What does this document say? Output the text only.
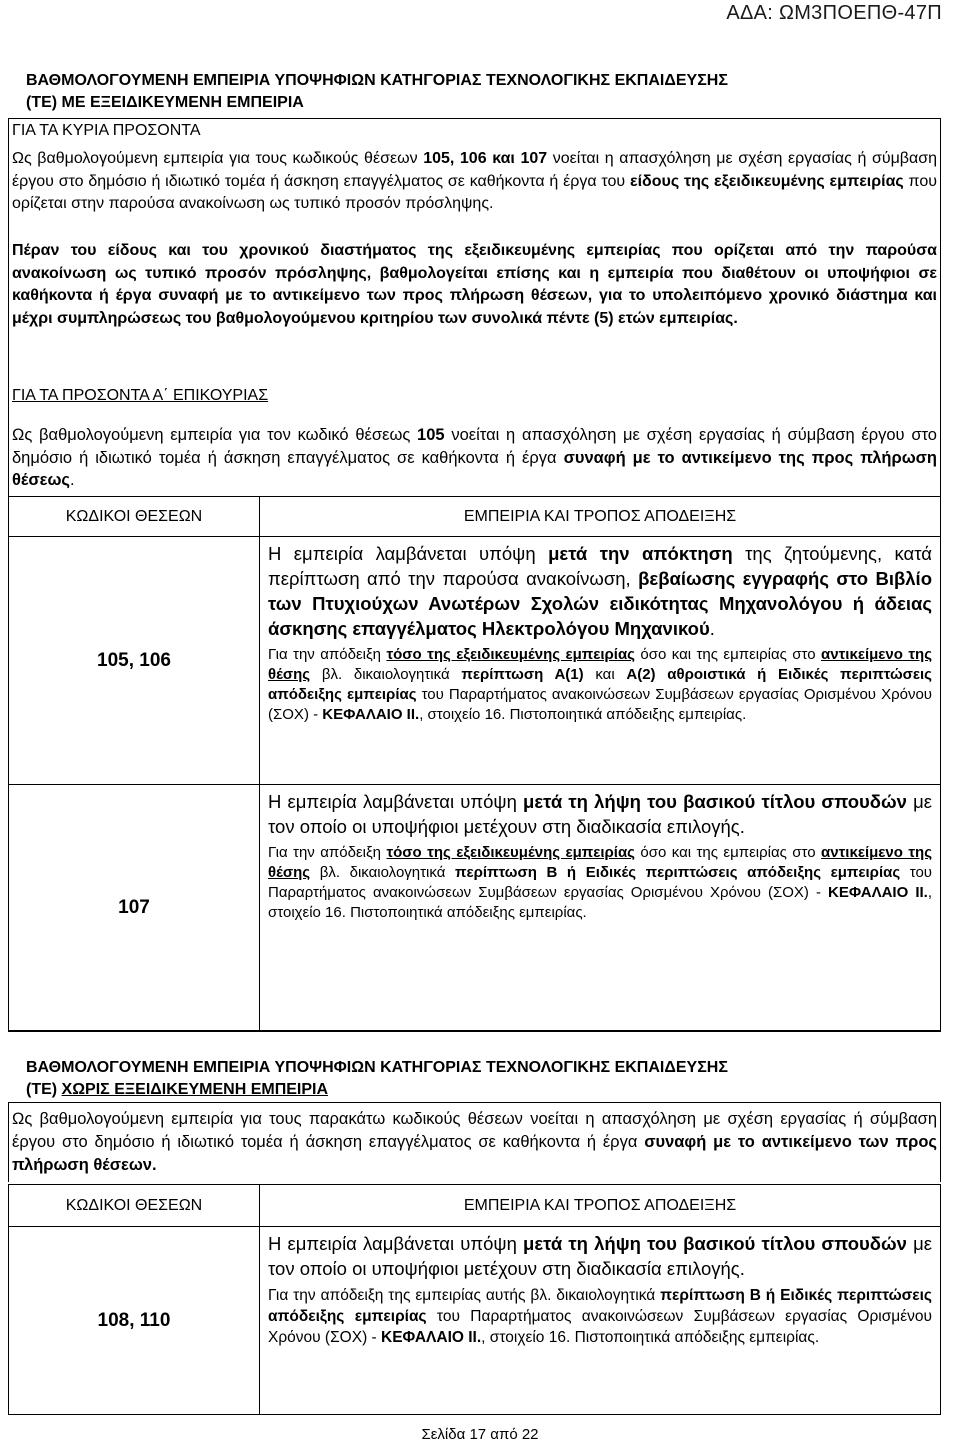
ΑΔΑ: ΩΜ3ΠΟΕΠΘ-47Π
ΒΑΘΜΟΛΟΓΟΥΜΕΝΗ ΕΜΠΕΙΡΙΑ ΥΠΟΨΗΦΙΩΝ ΚΑΤΗΓΟΡΙΑΣ ΤΕΧΝΟΛΟΓΙΚΗΣ ΕΚΠΑΙΔΕΥΣΗΣ
(ΤΕ) ΜΕ ΕΞΕΙΔΙΚΕΥΜΕΝΗ ΕΜΠΕΙΡΙΑ
ΓΙΑ ΤΑ ΚΥΡΙΑ ΠΡΟΣΟΝΤΑ
Ως βαθμολογούμενη εμπειρία για τους κωδικούς θέσεων 105, 106 και 107 νοείται η απασχόληση με σχέση εργασίας ή σύμβαση έργου στο δημόσιο ή ιδιωτικό τομέα ή άσκηση επαγγέλματος σε καθήκοντα ή έργα του είδους της εξειδικευμένης εμπειρίας που ορίζεται στην παρούσα ανακοίνωση ως τυπικό προσόν πρόσληψης.
Πέραν του είδους και του χρονικού διαστήματος της εξειδικευμένης εμπειρίας που ορίζεται από την παρούσα ανακοίνωση ως τυπικό προσόν πρόσληψης, βαθμολογείται επίσης και η εμπειρία που διαθέτουν οι υποψήφιοι σε καθήκοντα ή έργα συναφή με το αντικείμενο των προς πλήρωση θέσεων, για το υπολειπόμενο χρονικό διάστημα και μέχρι συμπληρώσεως του βαθμολογούμενου κριτηρίου των συνολικά πέντε (5) ετών εμπειρίας.
ΓΙΑ ΤΑ ΠΡΟΣΟΝΤΑ Α΄ ΕΠΙΚΟΥΡΙΑΣ
Ως βαθμολογούμενη εμπειρία για τον κωδικό θέσεως 105 νοείται η απασχόληση με σχέση εργασίας ή σύμβαση έργου στο δημόσιο ή ιδιωτικό τομέα ή άσκηση επαγγέλματος σε καθήκοντα ή έργα συναφή με το αντικείμενο της προς πλήρωση θέσεως.
ΚΩΔΙΚΟΙ ΘΕΣΕΩΝ	ΕΜΠΕΙΡΙΑ ΚΑΙ ΤΡΟΠΟΣ ΑΠΟΔΕΙΞΗΣ
105, 106	Η εμπειρία λαμβάνεται υπόψη μετά την απόκτηση της ζητούμενης, κατά περίπτωση από την παρούσα ανακοίνωση, βεβαίωσης εγγραφής στο Βιβλίο των Πτυχιούχων Ανωτέρων Σχολών ειδικότητας Μηχανολόγου ή άδειας άσκησης επαγγέλματος Ηλεκτρολόγου Μηχανικού.
Για την απόδειξη τόσο της εξειδικευμένης εμπειρίας όσο και της εμπειρίας στο αντικείμενο της θέσης βλ. δικαιολογητικά περίπτωση Α(1) και Α(2) αθροιστικά ή Ειδικές περιπτώσεις απόδειξης εμπειρίας του Παραρτήματος ανακοινώσεων Συμβάσεων εργασίας Ορισμένου Χρόνου (ΣΟΧ) - ΚΕΦΑΛΑΙΟ ΙΙ., στοιχείο 16. Πιστοποιητικά απόδειξης εμπειρίας.

107	Η εμπειρία λαμβάνεται υπόψη μετά τη λήψη του βασικού τίτλου σπουδών με τον οποίο οι υποψήφιοι μετέχουν στη διαδικασία επιλογής.
Για την απόδειξη τόσο της εξειδικευμένης εμπειρίας όσο και της εμπειρίας στο αντικείμενο της θέσης βλ. δικαιολογητικά περίπτωση Β ή Ειδικές περιπτώσεις απόδειξης εμπειρίας του Παραρτήματος ανακοινώσεων Συμβάσεων εργασίας Ορισμένου Χρόνου (ΣΟΧ) - ΚΕΦΑΛΑΙΟ ΙΙ., στοιχείο 16. Πιστοποιητικά απόδειξης εμπειρίας.
ΒΑΘΜΟΛΟΓΟΥΜΕΝΗ ΕΜΠΕΙΡΙΑ ΥΠΟΨΗΦΙΩΝ ΚΑΤΗΓΟΡΙΑΣ ΤΕΧΝΟΛΟΓΙΚΗΣ ΕΚΠΑΙΔΕΥΣΗΣ
(ΤΕ) ΧΩΡΙΣ ΕΞΕΙΔΙΚΕΥΜΕΝΗ ΕΜΠΕΙΡΙΑ
Ως βαθμολογούμενη εμπειρία για τους παρακάτω κωδικούς θέσεων νοείται η απασχόληση με σχέση εργασίας ή σύμβαση έργου στο δημόσιο ή ιδιωτικό τομέα ή άσκηση επαγγέλματος σε καθήκοντα ή έργα συναφή με το αντικείμενο των προς πλήρωση θέσεων.
ΚΩΔΙΚΟΙ ΘΕΣΕΩΝ	ΕΜΠΕΙΡΙΑ ΚΑΙ ΤΡΟΠΟΣ ΑΠΟΔΕΙΞΗΣ
108, 110	Η εμπειρία λαμβάνεται υπόψη μετά τη λήψη του βασικού τίτλου σπουδών με τον οποίο οι υποψήφιοι μετέχουν στη διαδικασία επιλογής.
Για την απόδειξη της εμπειρίας αυτής βλ. δικαιολογητικά περίπτωση Β ή Ειδικές περιπτώσεις απόδειξης εμπειρίας του Παραρτήματος ανακοινώσεων Συμβάσεων εργασίας Ορισμένου Χρόνου (ΣΟΧ) - ΚΕΦΑΛΑΙΟ ΙΙ., στοιχείο 16. Πιστοποιητικά απόδειξης εμπειρίας.
Σελίδα 17 από 22
